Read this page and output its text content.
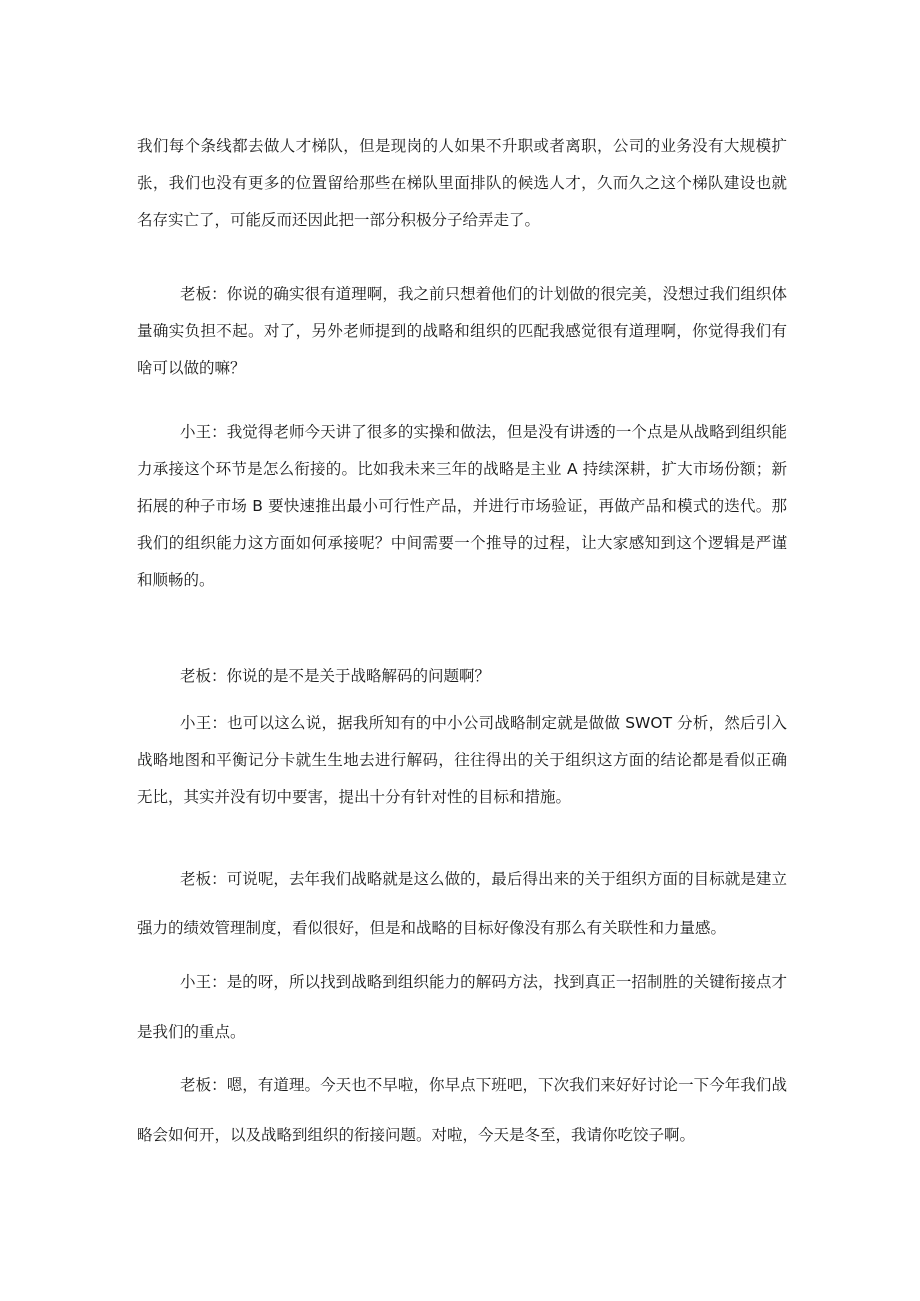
我们每个条线都去做人才梯队，但是现岗的人如果不升职或者离职，公司的业务没有大规模扩张，我们也没有更多的位置留给那些在梯队里面排队的候选人才，久而久之这个梯队建设也就名存实亡了，可能反而还因此把一部分积极分子给弄走了。

老板：你说的确实很有道理啊，我之前只想着他们的计划做的很完美，没想过我们组织体量确实负担不起。对了，另外老师提到的战略和组织的匹配我感觉很有道理啊，你觉得我们有啥可以做的嘛？

小王：我觉得老师今天讲了很多的实操和做法，但是没有讲透的一个点是从战略到组织能力承接这个环节是怎么衔接的。比如我未来三年的战略是主业 A 持续深耕，扩大市场份额；新拓展的种子市场 B 要快速推出最小可行性产品，并进行市场验证，再做产品和模式的迭代。那我们的组织能力这方面如何承接呢？中间需要一个推导的过程，让大家感知到这个逻辑是严谨和顺畅的。

老板：你说的是不是关于战略解码的问题啊？

小王：也可以这么说，据我所知有的中小公司战略制定就是做做 SWOT 分析，然后引入战略地图和平衡记分卡就生生地去进行解码，往往得出的关于组织这方面的结论都是看似正确无比，其实并没有切中要害，提出十分有针对性的目标和措施。

老板：可说呢，去年我们战略就是这么做的，最后得出来的关于组织方面的目标就是建立强力的绩效管理制度，看似很好，但是和战略的目标好像没有那么有关联性和力量感。

小王：是的呀，所以找到战略到组织能力的解码方法，找到真正一招制胜的关键衔接点才是我们的重点。

老板：嗯，有道理。今天也不早啦，你早点下班吧，下次我们来好好讨论一下今年我们战略会如何开，以及战略到组织的衔接问题。对啦，今天是冬至，我请你吃饺子啊。
